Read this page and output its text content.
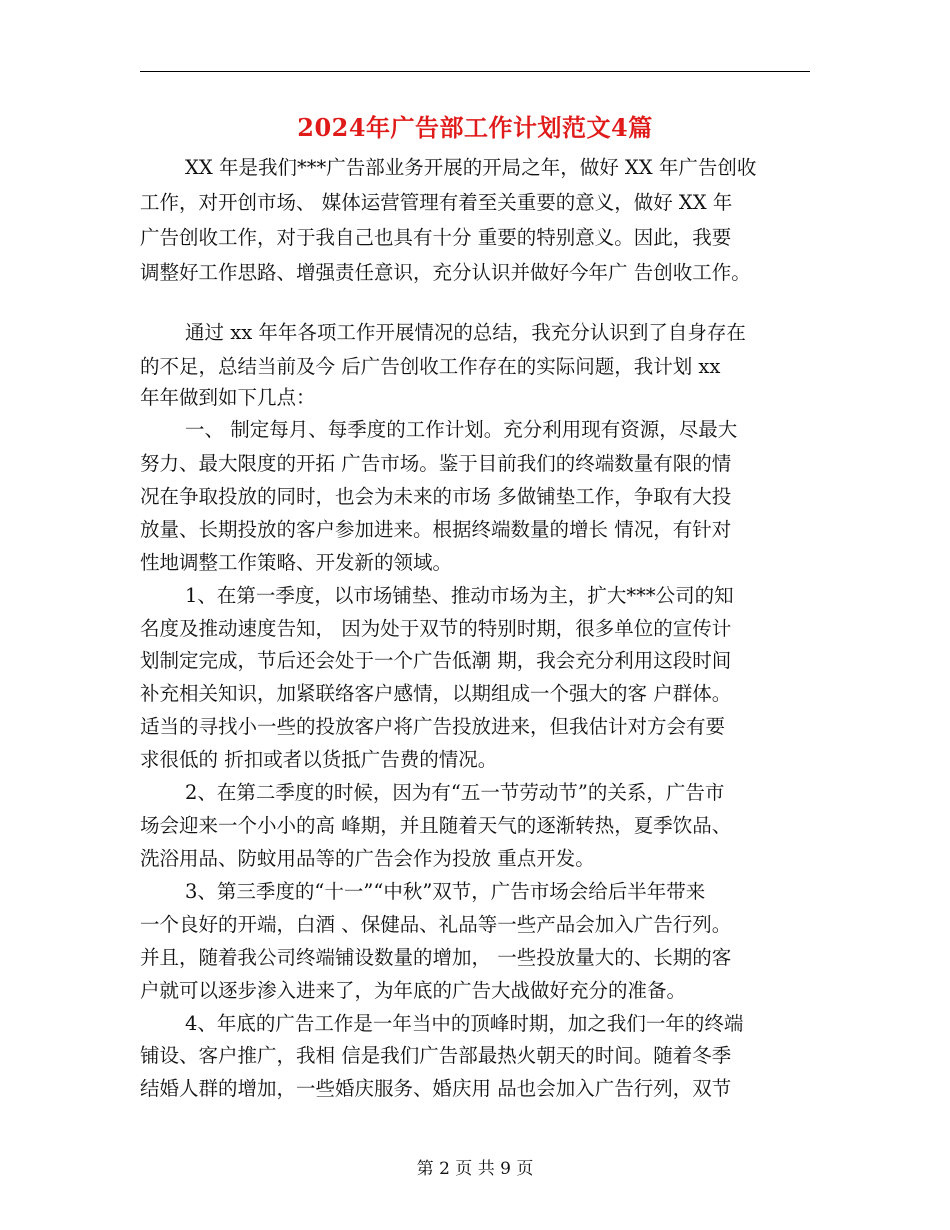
2024年广告部工作计划范文4篇
XX 年是我们***广告部业务开展的开局之年，做好 XX 年广告创收
工作，对开创市场、 媒体运营管理有着至关重要的意义，做好 XX 年
广告创收工作，对于我自己也具有十分 重要的特别意义。因此，我要
调整好工作思路、增强责任意识，充分认识并做好今年广 告创收工作。
通过 xx 年年各项工作开展情况的总结，我充分认识到了自身存在
的不足，总结当前及今 后广告创收工作存在的实际问题，我计划 xx
年年做到如下几点：
一、 制定每月、每季度的工作计划。充分利用现有资源，尽最大
努力、最大限度的开拓 广告市场。鉴于目前我们的终端数量有限的情
况在争取投放的同时，也会为未来的市场 多做铺垫工作，争取有大投
放量、长期投放的客户参加进来。根据终端数量的增长 情况，有针对
性地调整工作策略、开发新的领域。
1、在第一季度，以市场铺垫、推动市场为主，扩大***公司的知
名度及推动速度告知， 因为处于双节的特别时期，很多单位的宣传计
划制定完成，节后还会处于一个广告低潮 期，我会充分利用这段时间
补充相关知识，加紧联络客户感情，以期组成一个强大的客 户群体。
适当的寻找小一些的投放客户将广告投放进来，但我估计对方会有要
求很低的 折扣或者以货抵广告费的情况。
2、在第二季度的时候，因为有“五一节劳动节”的关系，广告市
场会迎来一个小小的高 峰期，并且随着天气的逐渐转热，夏季饮品、
洗浴用品、防蚊用品等的广告会作为投放 重点开发。
3、第三季度的“十一”“中秋”双节，广告市场会给后半年带来
一个良好的开端，白酒 、保健品、礼品等一些产品会加入广告行列。
并且，随着我公司终端铺设数量的增加， 一些投放量大的、长期的客
户就可以逐步渗入进来了，为年底的广告大战做好充分的准备。
4、年底的广告工作是一年当中的顶峰时期，加之我们一年的终端
铺设、客户推广，我相 信是我们广告部最热火朝天的时间。随着冬季
结婚人群的增加，一些婚庆服务、婚庆用 品也会加入广告行列，双节
第 2 页 共 9 页
